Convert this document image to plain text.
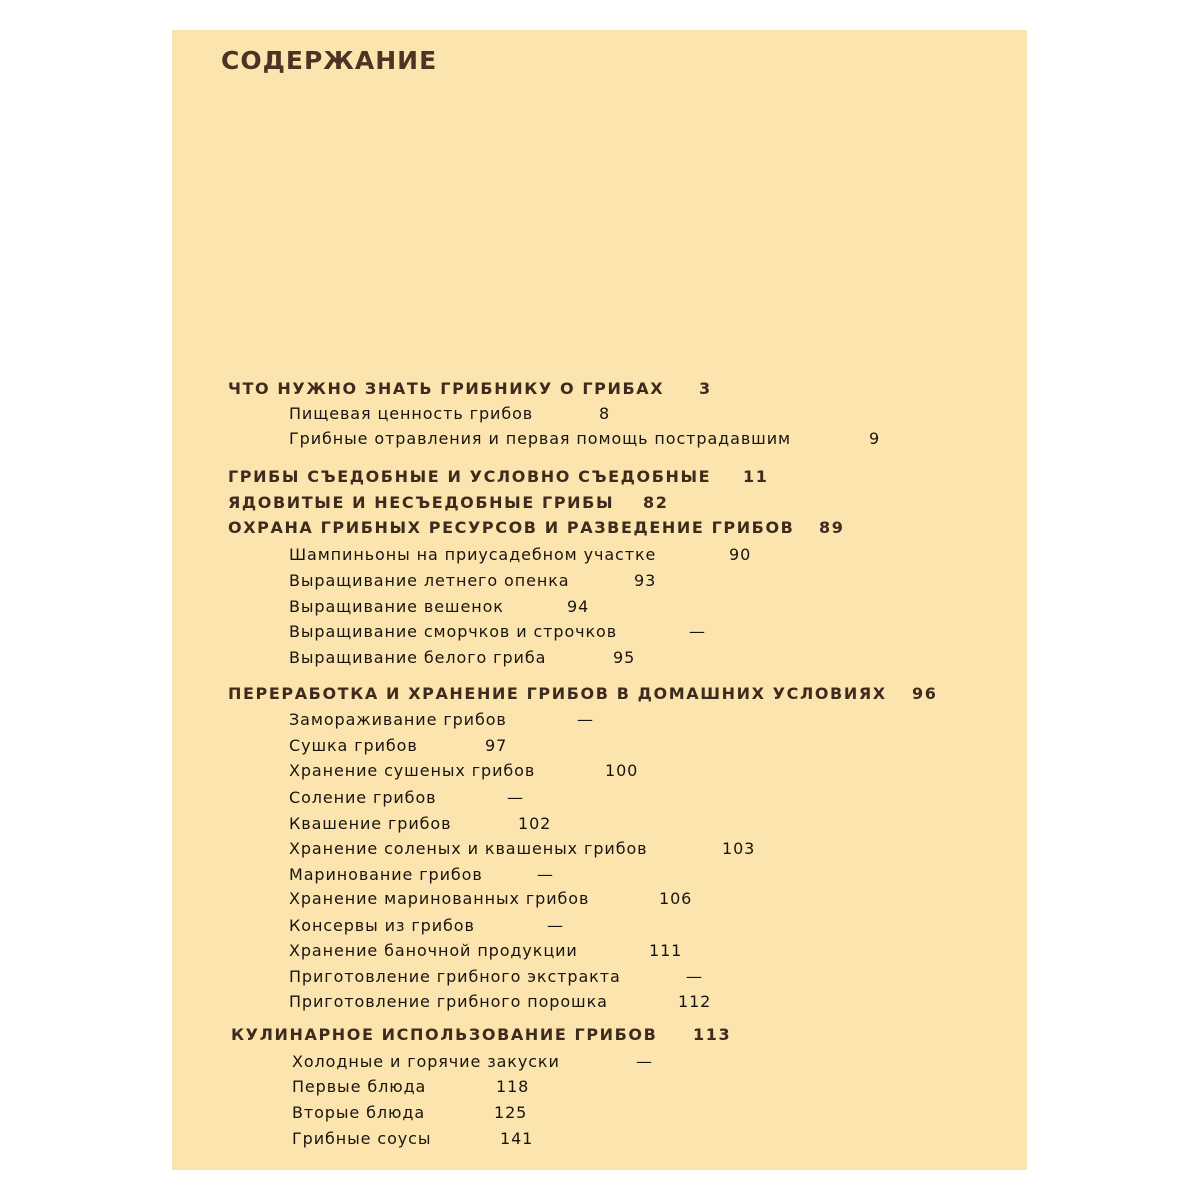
СОДЕРЖАНИЕ
ЧТО НУЖНО ЗНАТЬ ГРИБНИКУ О ГРИБАХ 3
Пищевая ценность грибов	8
Грибные отравления и первая помощь пострадавшим	9
ГРИБЫ СЪЕДОБНЫЕ И УСЛОВНО СЪЕДОБНЫЕ 11
ЯДОВИТЫЕ И НЕСЪЕДОБНЫЕ ГРИБЫ 82
ОХРАНА ГРИБНЫХ РЕСУРСОВ И РАЗВЕДЕНИЕ ГРИБОВ 89
Шампиньоны на приусадебном участке	90
Выращивание летнего опенка	93
Выращивание вешенок	94
Выращивание сморчков и строчков	—
Выращивание белого гриба	95
ПЕРЕРАБОТКА И ХРАНЕНИЕ ГРИБОВ В ДОМАШНИХ УСЛОВИЯХ 96
Замораживание грибов	—
Сушка грибов	97
Хранение сушеных грибов	100
Соление грибов	—
Квашение грибов	102
Хранение соленых и квашеных грибов	103
Маринование грибов	—
Хранение маринованных грибов	106
Консервы из грибов	—
Хранение баночной продукции	111
Приготовление грибного экстракта	—
Приготовление грибного порошка	112
КУЛИНАРНОЕ ИСПОЛЬЗОВАНИЕ ГРИБОВ 113
Холодные и горячие закуски	—
Первые блюда	118
Вторые блюда	125
Грибные соусы	141
